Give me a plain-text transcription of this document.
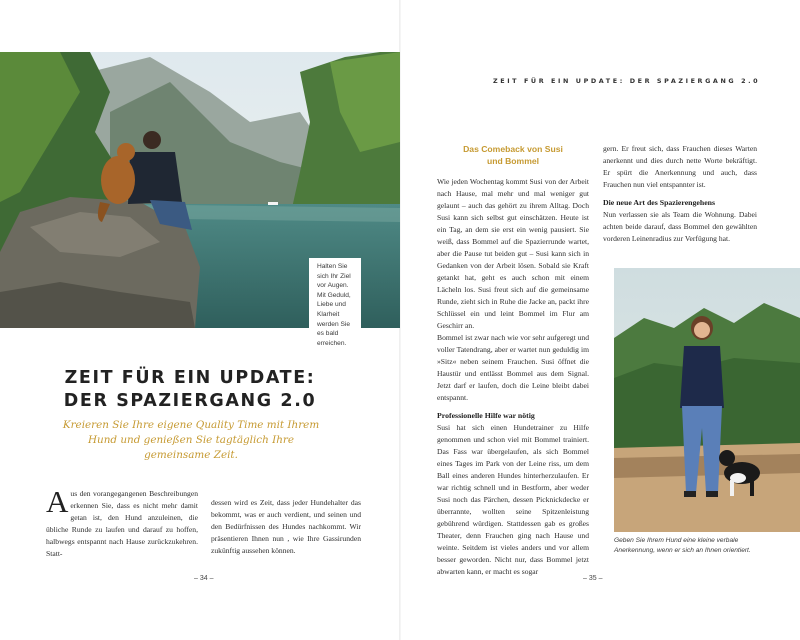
Halten Sie sich Ihr Ziel vor Augen. Mit Geduld, Liebe und Klarheit werden Sie es bald erreichen.
ZEIT FÜR EIN UPDATE:
DER SPAZIERGANG 2.0
Kreieren Sie Ihre eigene Quality Time mit Ihrem Hund und genießen Sie tagtäglich Ihre gemeinsame Zeit.

Aus den vorangegangenen Beschreibungen erkennen Sie, dass es nicht mehr damit getan ist, den Hund anzuleinen, die übliche Runde zu laufen und darauf zu hoffen, halbwegs entspannt nach Hause zurückzukehren. Statt-

dessen wird es Zeit, dass jeder Hundehalter das bekommt, was er auch verdient, und seinen und den Bedürfnissen des Hundes nachkommt. Wir präsentieren Ihnen nun , wie Ihre Gassirunden zukünftig aussehen können.

– 34 –
ZEIT FÜR EIN UPDATE: DER SPAZIERGANG 2.0
Das Comeback von Susi
und Bommel

Wie jeden Wochentag kommt Susi von der Arbeit nach Hause, mal mehr und mal weniger gut gelaunt – auch das gehört zu ihrem Alltag. Doch Susi kann sich selbst gut einschätzen. Heute ist ein Tag, an dem sie erst ein wenig pausiert. Sie weiß, dass Bommel auf die Spazierrunde wartet, aber die Pause tut beiden gut – Susi kann sich in Gedanken von der Arbeit lösen. Sobald sie Kraft getankt hat, geht es auch schon mit einem Lächeln los. Susi freut sich auf die gemeinsame Runde, zieht sich in Ruhe die Jacke an, packt ihre Schlüssel ein und leint Bommel im Flur am Geschirr an.

Bommel ist zwar nach wie vor sehr aufgeregt und voller Tatendrang, aber er wartet nun geduldig im »Sitz« neben seinem Frauchen. Susi öffnet die Haustür und entlässt Bommel aus dem Signal. Jetzt darf er laufen, doch die Leine bleibt dabei entspannt.

Professionelle Hilfe war nötig

Susi hat sich einen Hundetrainer zu Hilfe genommen und schon viel mit Bommel trainiert. Das Fass war übergelaufen, als sich Bommel eines Tages im Park von der Leine riss, um dem Ball eines anderen Hundes hinterherzulaufen. Er war richtig schnell und in Bestform, aber weder Susi noch das Pärchen, dessen Picknickdecke er überrannte, wollten seine Spitzenleistung gebührend würdigen. Stattdessen gab es großes Theater, denn Frauchen ging nach Hause und weinte. Seitdem ist vieles anders und vor allem besser geworden. Nicht nur, dass Bommel jetzt abwarten kann, er macht es sogar

gern. Er freut sich, dass Frauchen dieses Warten anerkennt und dies durch nette Worte bekräftigt. Er spürt die Anerkennung und auch, dass Frauchen nun viel entspannter ist.

Die neue Art des Spazierengehens

Nun verlassen sie als Team die Wohnung. Dabei achten beide darauf, dass Bommel den gewählten vorderen Leinenradius zur Verfügung hat.

Geben Sie Ihrem Hund eine kleine verbale Anerkennung, wenn er sich an Ihnen orientiert.
– 35 –
